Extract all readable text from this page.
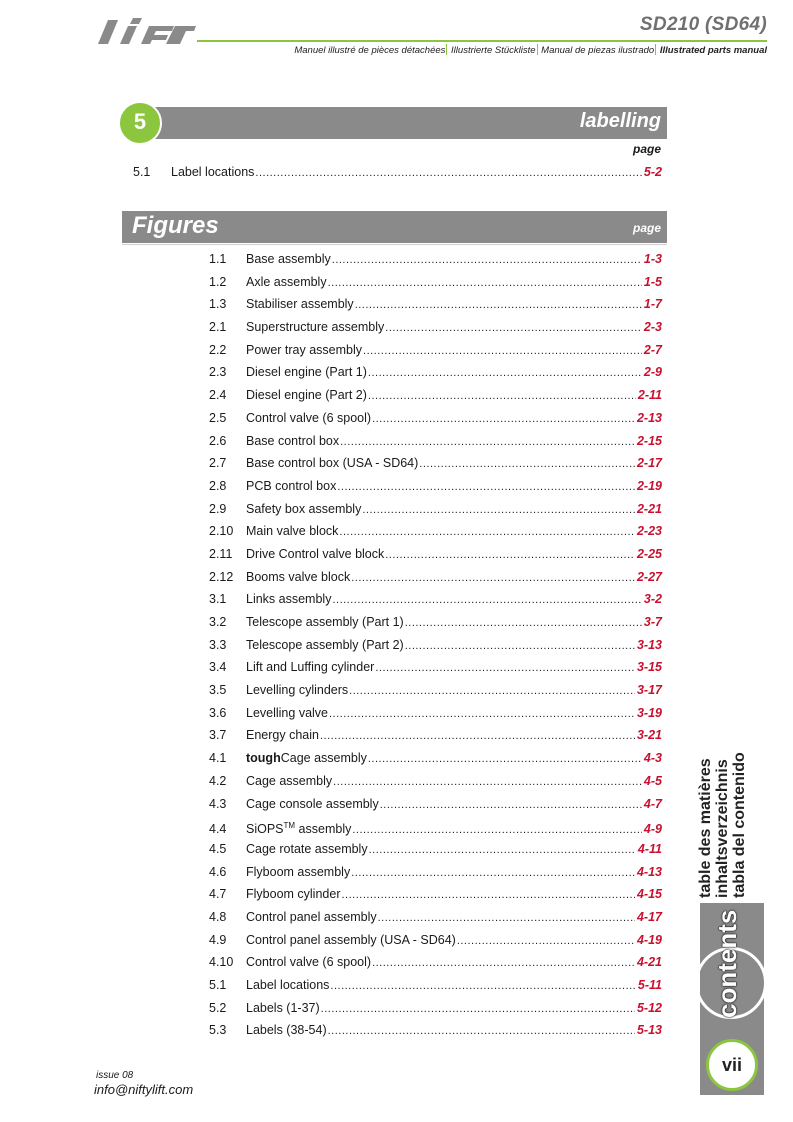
SD210 (SD64)
Manuel illustré de pièces détachées Illustrierte Stückliste Manual de piezas ilustrado Illustrated parts manual
labelling
5
page
5.1	Label locations .....	5-2
Figures	page
1.1	Base assembly .....	1-3
1.2	Axle assembly .....	1-5
1.3	Stabiliser assembly .....	1-7
2.1	Superstructure assembly .....	2-3
2.2	Power tray assembly .....	2-7
2.3	Diesel engine (Part 1) .....	2-9
2.4	Diesel engine (Part 2) .....	2-11
2.5	Control valve (6 spool) .....	2-13
2.6	Base control box .....	2-15
2.7	Base control box (USA - SD64) .....	2-17
2.8	PCB control box .....	2-19
2.9	Safety box assembly .....	2-21
2.10	Main valve block .....	2-23
2.11	Drive Control valve block .....	2-25
2.12	Booms valve block .....	2-27
3.1	Links assembly .....	3-2
3.2	Telescope assembly (Part 1) .....	3-7
3.3	Telescope assembly (Part 2) .....	3-13
3.4	Lift and Luffing cylinder .....	3-15
3.5	Levelling cylinders .....	3-17
3.6	Levelling valve .....	3-19
3.7	Energy chain .....	3-21
4.1	toughCage assembly .....	4-3
4.2	Cage assembly .....	4-5
4.3	Cage console assembly .....	4-7
4.4	SiOPS™ assembly .....	4-9
4.5	Cage rotate assembly .....	4-11
4.6	Flyboom assembly .....	4-13
4.7	Flyboom cylinder .....	4-15
4.8	Control panel assembly .....	4-17
4.9	Control panel assembly (USA - SD64) .....	4-19
4.10	Control valve (6 spool) .....	4-21
5.1	Label locations .....	5-11
5.2	Labels (1-37) .....	5-12
5.3	Labels (38-54) .....	5-13
table des matières inhaltsverzeichnis tabla del contenido
contents
vii
issue 08
info@niftylift.com
